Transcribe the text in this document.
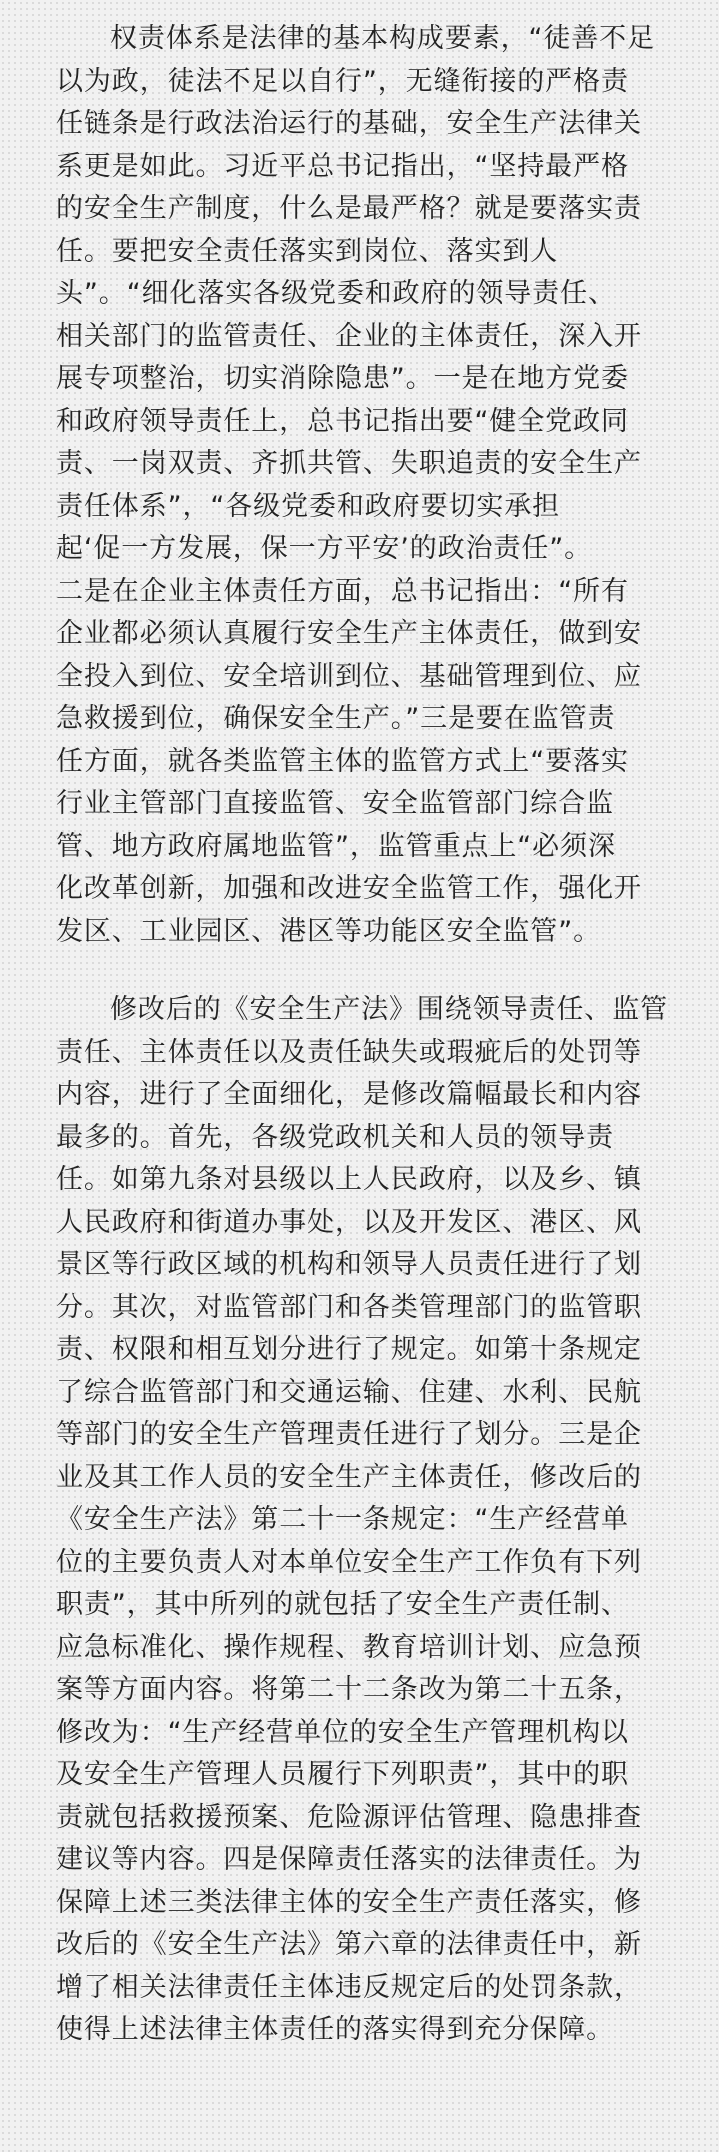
权责体系是法律的基本构成要素，“徒善不足
以为政，徒法不足以自行”，无缝衔接的严格责
任链条是行政法治运行的基础，安全生产法律关
系更是如此。习近平总书记指出，“坚持最严格
的安全生产制度，什么是最严格？就是要落实责
任。要把安全责任落实到岗位、落实到人
头”。“细化落实各级党委和政府的领导责任、
相关部门的监管责任、企业的主体责任，深入开
展专项整治，切实消除隐患”。一是在地方党委
和政府领导责任上，总书记指出要“健全党政同
责、一岗双责、齐抓共管、失职追责的安全生产
责任体系”，“各级党委和政府要切实承担
起‘促一方发展，保一方平安’的政治责任”。
二是在企业主体责任方面，总书记指出：“所有
企业都必须认真履行安全生产主体责任，做到安
全投入到位、安全培训到位、基础管理到位、应
急救援到位，确保安全生产。”三是要在监管责
任方面，就各类监管主体的监管方式上“要落实
行业主管部门直接监管、安全监管部门综合监
管、地方政府属地监管”，监管重点上“必须深
化改革创新，加强和改进安全监管工作，强化开
发区、工业园区、港区等功能区安全监管”。

修改后的《安全生产法》围绕领导责任、监管
责任、主体责任以及责任缺失或瑕疵后的处罚等
内容，进行了全面细化，是修改篇幅最长和内容
最多的。首先，各级党政机关和人员的领导责
任。如第九条对县级以上人民政府，以及乡、镇
人民政府和街道办事处，以及开发区、港区、风
景区等行政区域的机构和领导人员责任进行了划
分。其次，对监管部门和各类管理部门的监管职
责、权限和相互划分进行了规定。如第十条规定
了综合监管部门和交通运输、住建、水利、民航
等部门的安全生产管理责任进行了划分。三是企
业及其工作人员的安全生产主体责任，修改后的
《安全生产法》第二十一条规定：“生产经营单
位的主要负责人对本单位安全生产工作负有下列
职责”，其中所列的就包括了安全生产责任制、
应急标准化、操作规程、教育培训计划、应急预
案等方面内容。将第二十二条改为第二十五条，
修改为：“生产经营单位的安全生产管理机构以
及安全生产管理人员履行下列职责”，其中的职
责就包括救援预案、危险源评估管理、隐患排查
建议等内容。四是保障责任落实的法律责任。为
保障上述三类法律主体的安全生产责任落实，修
改后的《安全生产法》第六章的法律责任中，新
增了相关法律责任主体违反规定后的处罚条款，
使得上述法律主体责任的落实得到充分保障。
